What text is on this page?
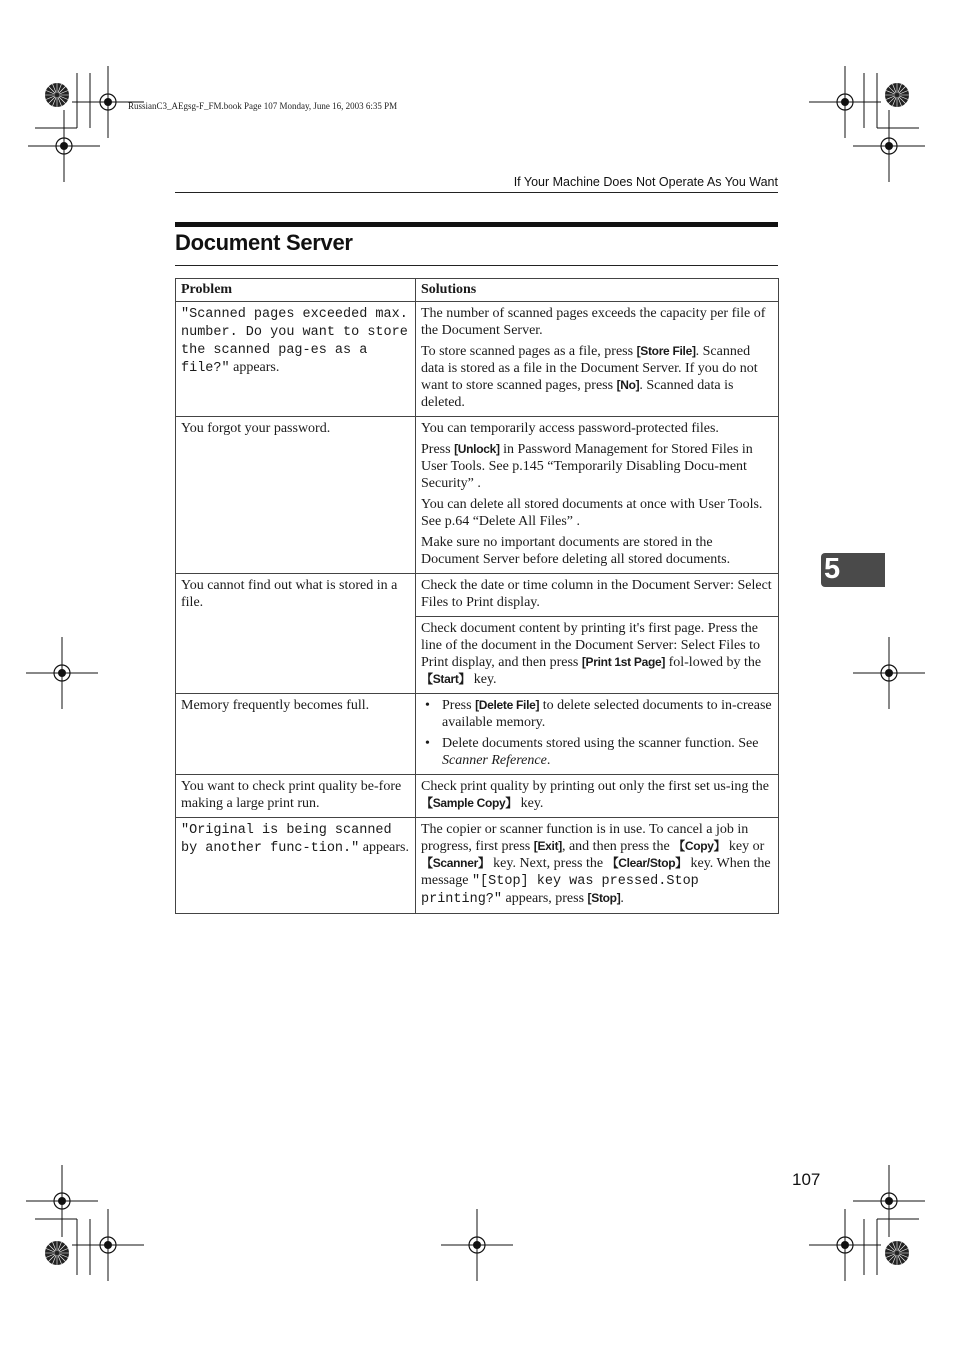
RussianC3_AEgsg-F_FM.book Page 107 Monday, June 16, 2003 6:35 PM
If Your Machine Does Not Operate As You Want
Document Server
Problem	Solutions
"Scanned pages exceeded max. number. Do you want to store the scanned pag-es as a file?" appears.	The number of scanned pages exceeds the capacity per file of the Document Server.

To store scanned pages as a file, press [Store File]. Scanned data is stored as a file in the Document Server. If you do not want to store scanned pages, press [No]. Scanned data is deleted.

You forgot your password.	You can temporarily access password-protected files.

Press [Unlock] in Password Management for Stored Files in User Tools. See p.145 “Temporarily Disabling Docu-ment Security” .

You can delete all stored documents at once with User Tools. See p.64 “Delete All Files” .

Make sure no important documents are stored in the Document Server before deleting all stored documents.

You cannot find out what is stored in a file.	Check the date or time column in the Document Server: Select Files to Print display.
	Check document content by printing it's first page. Press the line of the document in the Document Server: Select Files to Print display, and then press [Print 1st Page] fol-lowed by the 【Start】 key.
Memory frequently becomes full.	• Press [Delete File] to delete selected documents to in-crease available memory.
• Delete documents stored using the scanner function. See Scanner Reference.

You want to check print quality be-fore making a large print run.	Check print quality by printing out only the first set us-ing the 【Sample Copy】 key.
"Original is being scanned by another func-tion." appears.	The copier or scanner function is in use. To cancel a job in progress, first press [Exit], and then press the 【Copy】 key or 【Scanner】 key. Next, press the 【Clear/Stop】 key. When the message "[Stop] key was pressed.Stop printing?" appears, press [Stop].
5
107
